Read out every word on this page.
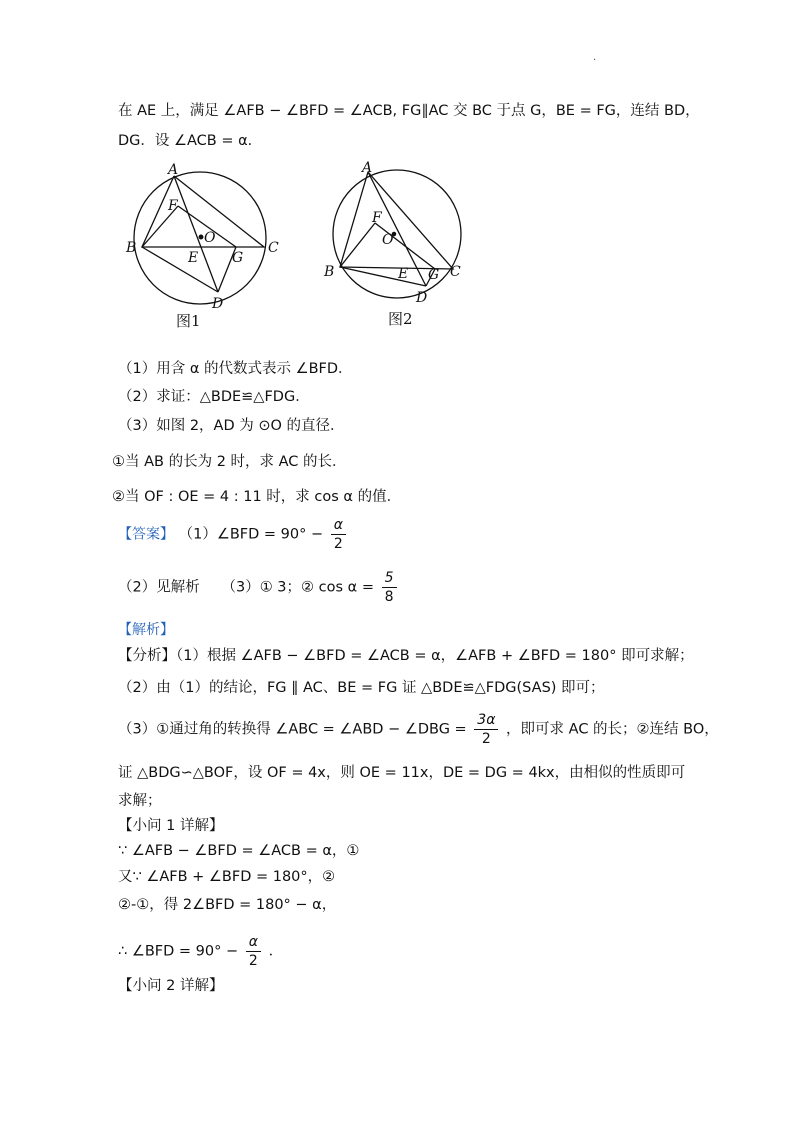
.
在 AE 上，满足 ∠AFB − ∠BFD = ∠ACB, FG∥AC 交 BC 于点 G，BE = FG，连结 BD，
DG．设 ∠ACB = α．
A
B	C
D
E
F
G
O
图1
A
B	C
D
E
F
G
O
图2
（1）用含 α 的代数式表示 ∠BFD．
（2）求证：△BDE≌△FDG．
（3）如图 2，AD 为 ⊙O 的直径．
①当 AB 的长为 2 时，求 AC 的长．
②当 OF : OE = 4 : 11 时，求 cos α 的值．
【答案】 （1）∠BFD = $90^\circ - \frac{\alpha}{2}$
（2）见解析　　（3）① 3；② $\cos \alpha = \frac{5}{8}$
【解析】
【分析】（1）根据 ∠AFB − ∠BFD = ∠ACB = α，∠AFB + ∠BFD = 180° 即可求解；
（2）由（1）的结论，FG ∥ AC、BE = FG 证 △BDE≌△FDG(SAS) 即可；
（3）①通过角的转换得 ∠ABC = ∠ABD − ∠DBG = $\frac{3\alpha}{2}$ ，即可求 AC 的长；②连结 BO，
证 △BDG∽△BOF，设 OF = 4x，则 OE = 11x，DE = DG = 4kx，由相似的性质即可
求解；
【小问 1 详解】
∵ ∠AFB − ∠BFD = ∠ACB = α，①
又∵ ∠AFB + ∠BFD = 180°，②
②-①，得 2∠BFD = 180° − α，
∴ ∠BFD = $90^\circ - \frac{\alpha}{2}$ ．
【小问 2 详解】
